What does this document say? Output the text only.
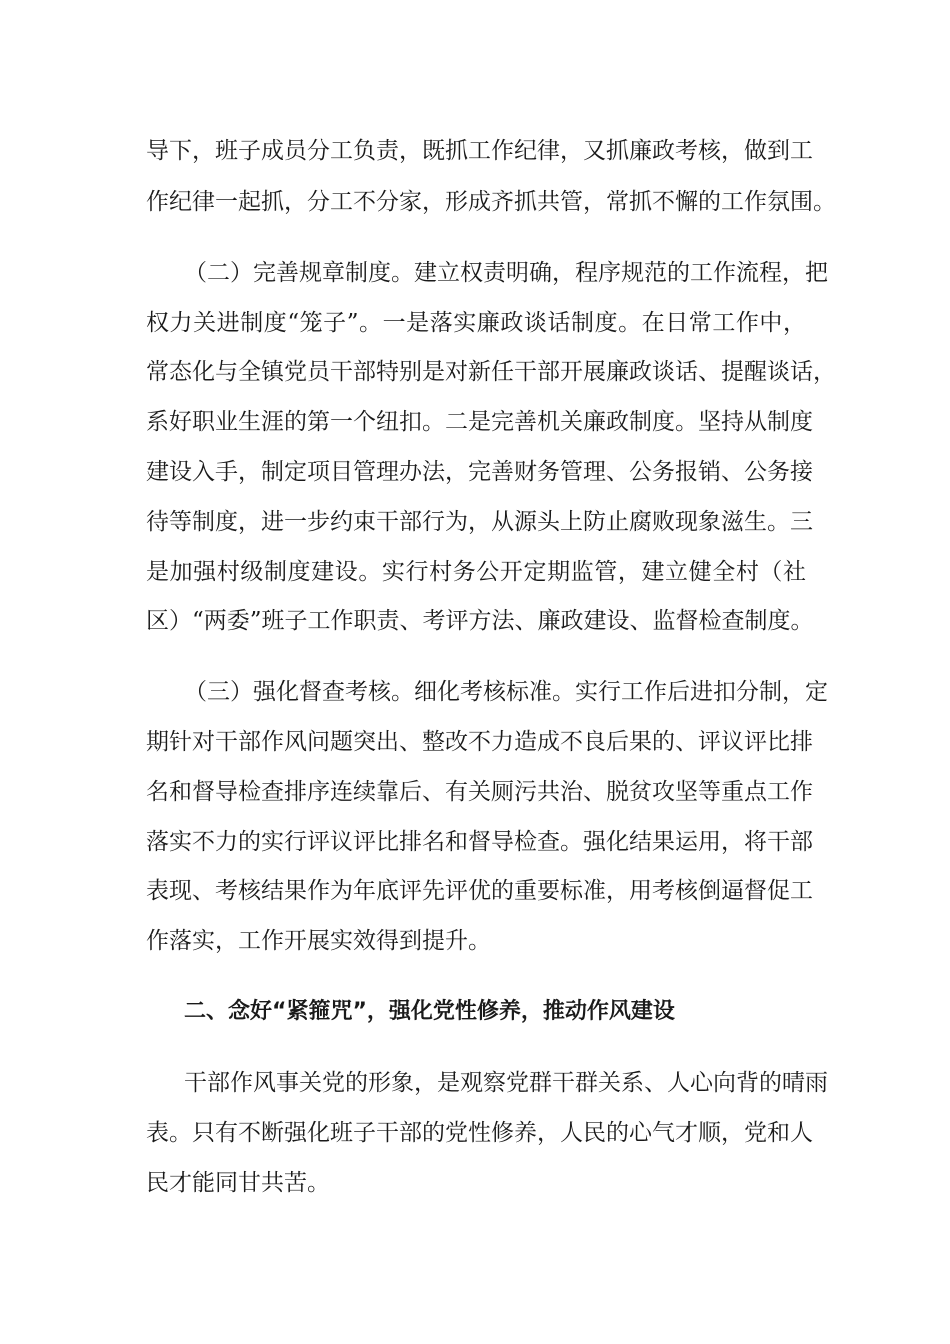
导下，班子成员分工负责，既抓工作纪律，又抓廉政考核，做到工
作纪律一起抓，分工不分家，形成齐抓共管，常抓不懈的工作氛围。
（二）完善规章制度。建立权责明确，程序规范的工作流程，把
权力关进制度“笼子”。一是落实廉政谈话制度。在日常工作中，
常态化与全镇党员干部特别是对新任干部开展廉政谈话、提醒谈话，
系好职业生涯的第一个纽扣。二是完善机关廉政制度。坚持从制度
建设入手，制定项目管理办法，完善财务管理、公务报销、公务接
待等制度，进一步约束干部行为，从源头上防止腐败现象滋生。三
是加强村级制度建设。实行村务公开定期监管，建立健全村（社
区）“两委”班子工作职责、考评方法、廉政建设、监督检查制度。
（三）强化督查考核。细化考核标准。实行工作后进扣分制，定
期针对干部作风问题突出、整改不力造成不良后果的、评议评比排
名和督导检查排序连续靠后、有关厕污共治、脱贫攻坚等重点工作
落实不力的实行评议评比排名和督导检查。强化结果运用，将干部
表现、考核结果作为年底评先评优的重要标准，用考核倒逼督促工
作落实，工作开展实效得到提升。
二、念好“紧箍咒”，强化党性修养，推动作风建设
干部作风事关党的形象，是观察党群干群关系、人心向背的晴雨
表。只有不断强化班子干部的党性修养，人民的心气才顺，党和人
民才能同甘共苦。
